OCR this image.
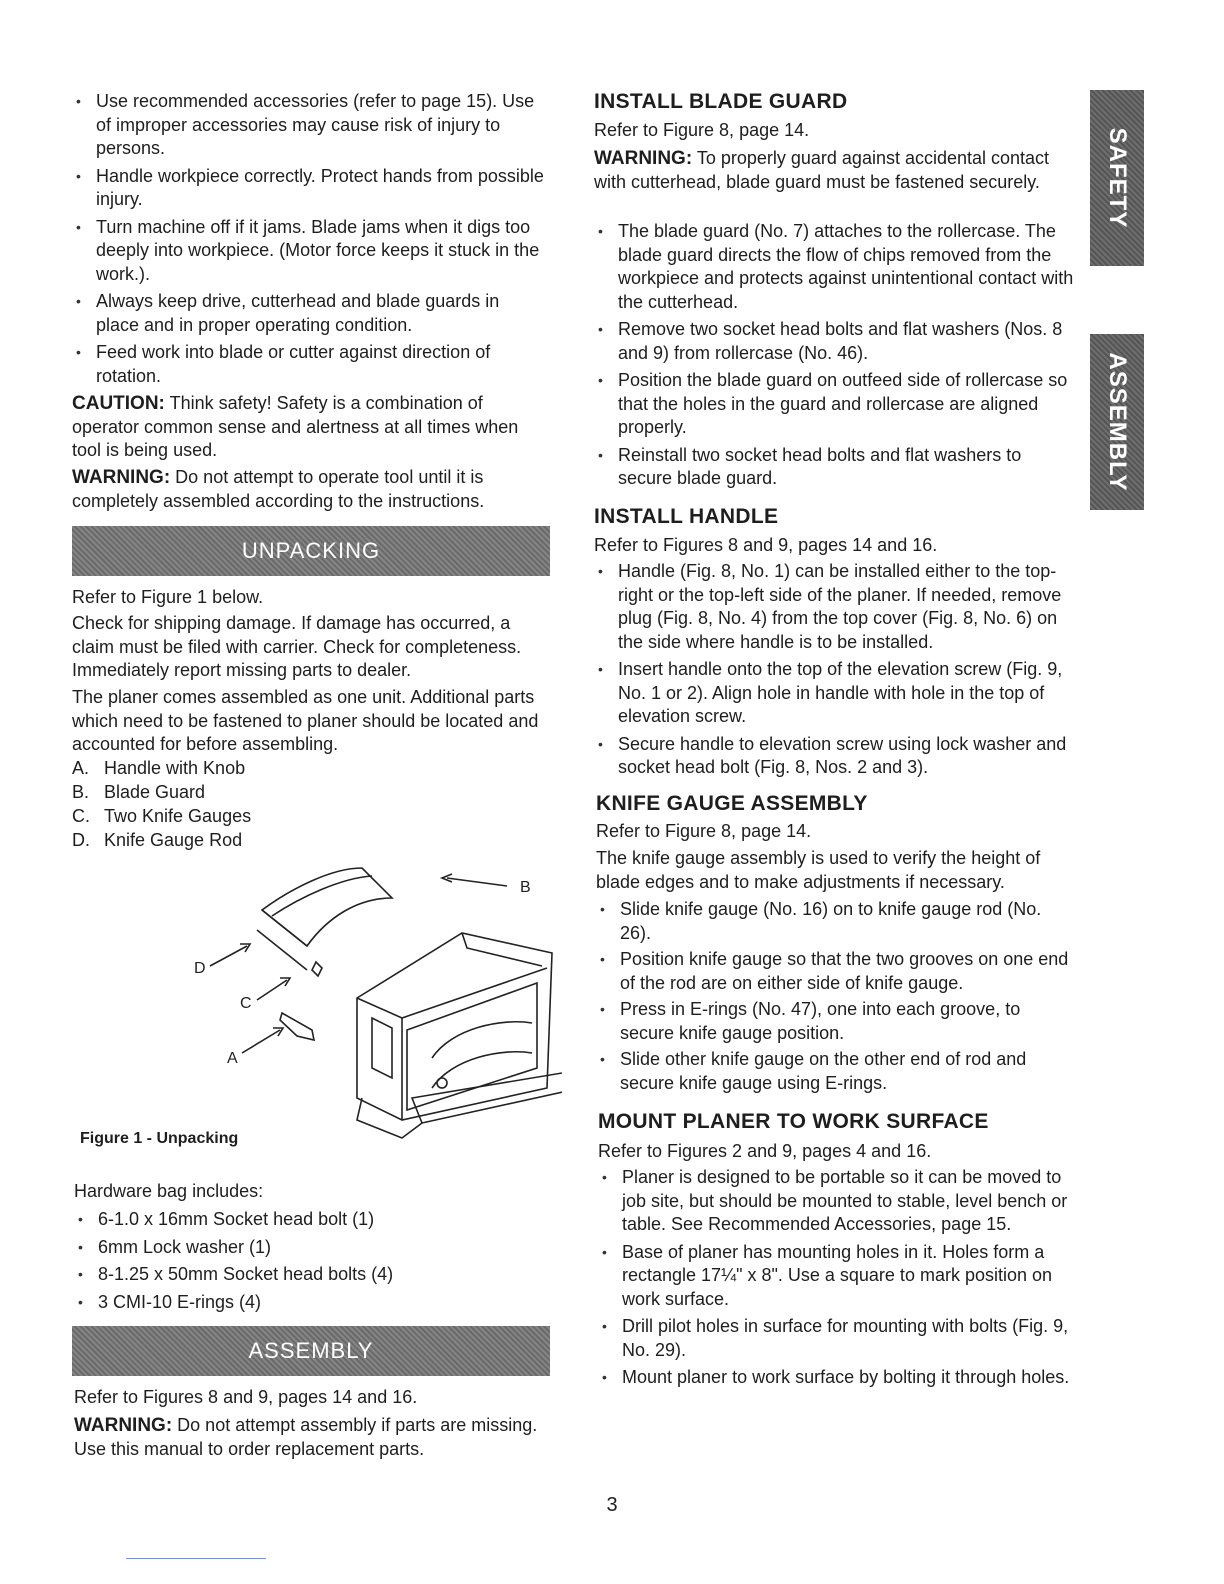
• Use recommended accessories (refer to page 15). Use of improper accessories may cause risk of injury to persons.

• Handle workpiece correctly. Protect hands from possible injury.

• Turn machine off if it jams. Blade jams when it digs too deeply into workpiece. (Motor force keeps it stuck in the work.).

• Always keep drive, cutterhead and blade guards in place and in proper operating condition.

• Feed work into blade or cutter against direction of rotation.

CAUTION: Think safety! Safety is a combination of operator common sense and alertness at all times when tool is being used.

WARNING: Do not attempt to operate tool until it is completely assembled according to the instructions.

UNPACKING

Refer to Figure 1 below.

Check for shipping damage. If damage has occurred, a claim must be filed with carrier. Check for completeness. Immediately report missing parts to dealer.

The planer comes assembled as one unit. Additional parts which need to be fastened to planer should be located and accounted for before assembling.

A. Handle with Knob
B. Blade Guard
C. Two Knife Gauges
D. Knife Gauge Rod
B
D
C
A

Figure 1 - Unpacking

Hardware bag includes:

• 6-1.0 x 16mm Socket head bolt (1)

• 6mm Lock washer (1)

• 8-1.25 x 50mm Socket head bolts (4)

• 3 CMI-10 E-rings (4)

ASSEMBLY

Refer to Figures 8 and 9, pages 14 and 16.

WARNING: Do not attempt assembly if parts are missing. Use this manual to order replacement parts.

INSTALL BLADE GUARD

Refer to Figure 8, page 14.

WARNING: To properly guard against accidental contact with cutterhead, blade guard must be fastened securely.

• The blade guard (No. 7) attaches to the rollercase. The blade guard directs the flow of chips removed from the workpiece and protects against unintentional contact with the cutterhead.

• Remove two socket head bolts and flat washers (Nos. 8 and 9) from rollercase (No. 46).

• Position the blade guard on outfeed side of rollercase so that the holes in the guard and rollercase are aligned properly.

• Reinstall two socket head bolts and flat washers to secure blade guard.

INSTALL HANDLE

Refer to Figures 8 and 9, pages 14 and 16.

• Handle (Fig. 8, No. 1) can be installed either to the top-right or the top-left side of the planer. If needed, remove plug (Fig. 8, No. 4) from the top cover (Fig. 8, No. 6) on the side where handle is to be installed.

• Insert handle onto the top of the elevation screw (Fig. 9, No. 1 or 2). Align hole in handle with hole in the top of elevation screw.

• Secure handle to elevation screw using lock washer and socket head bolt (Fig. 8, Nos. 2 and 3).

KNIFE GAUGE ASSEMBLY

Refer to Figure 8, page 14.

The knife gauge assembly is used to verify the height of blade edges and to make adjustments if necessary.

• Slide knife gauge (No. 16) on to knife gauge rod (No. 26).

• Position knife gauge so that the two grooves on one end of the rod are on either side of knife gauge.

• Press in E-rings (No. 47), one into each groove, to secure knife gauge position.

• Slide other knife gauge on the other end of rod and secure knife gauge using E-rings.

MOUNT PLANER TO WORK SURFACE

Refer to Figures 2 and 9, pages 4 and 16.

• Planer is designed to be portable so it can be moved to job site, but should be mounted to stable, level bench or table. See Recommended Accessories, page 15.

• Base of planer has mounting holes in it. Holes form a rectangle 17¼" x 8". Use a square to mark position on work surface.

• Drill pilot holes in surface for mounting with bolts (Fig. 9, No. 29).

• Mount planer to work surface by bolting it through holes.

SAFETY
ASSEMBLY

3
